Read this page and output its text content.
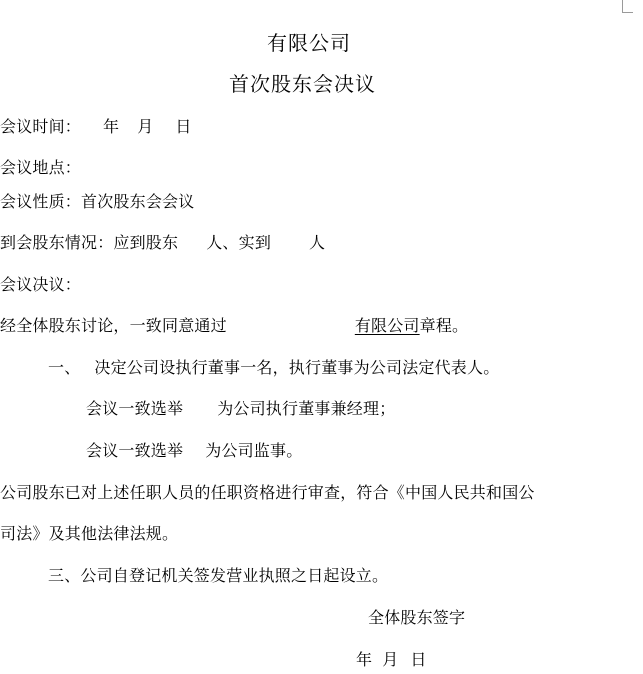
有限公司
首次股东会决议
会议时间： 年 月 日
会议地点：
会议性质：首次股东会会议
到会股东情况：应到股东 人、实到 人
会议决议：
经全体股东讨论，一致同意通过	有限公司章程。
一、 决定公司设执行董事一名，执行董事为公司法定代表人。
会议一致选举 为公司执行董事兼经理；
会议一致选举 为公司监事。
公司股东已对上述任职人员的任职资格进行审查，符合《中国人民共和国公
司法》及其他法律法规。
三、公司自登记机关签发营业执照之日起设立。
全体股东签字
年 月 日
